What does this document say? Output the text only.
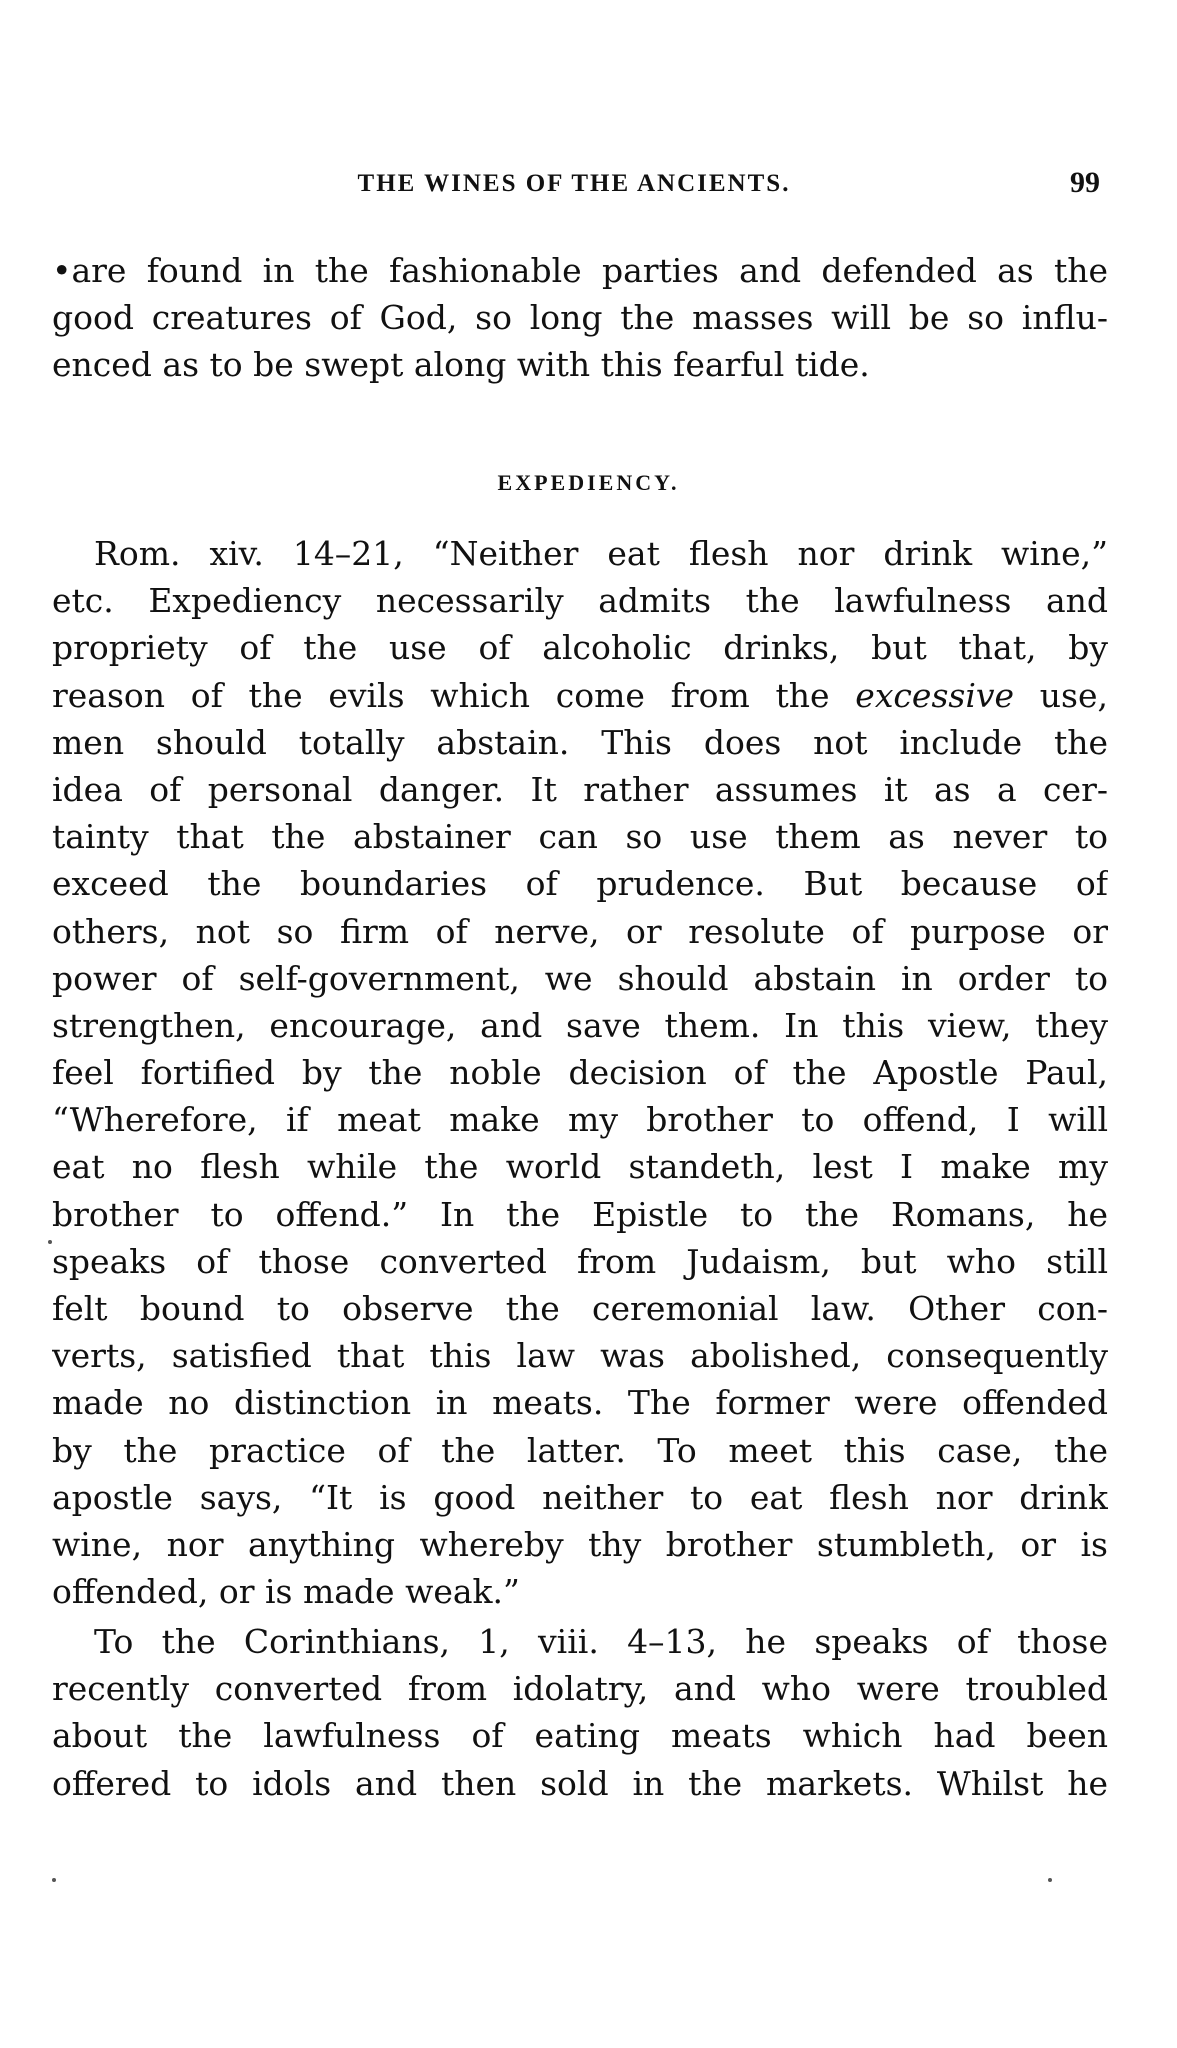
THE WINES OF THE ANCIENTS.	99
•are found in the fashionable parties and defended as the
good creatures of God, so long the masses will be so influ-
enced as to be swept along with this fearful tide.
EXPEDIENCY.
Rom. xiv. 14–21, “Neither eat flesh nor drink wine,”
etc. Expediency necessarily admits the lawfulness and
propriety of the use of alcoholic drinks, but that, by
reason of the evils which come from the excessive use,
men should totally abstain. This does not include the
idea of personal danger. It rather assumes it as a cer-
tainty that the abstainer can so use them as never to
exceed the boundaries of prudence. But because of
others, not so firm of nerve, or resolute of purpose or
power of self-government, we should abstain in order to
strengthen, encourage, and save them. In this view, they
feel fortified by the noble decision of the Apostle Paul,
“Wherefore, if meat make my brother to offend, I will
eat no flesh while the world standeth, lest I make my
brother to offend.” In the Epistle to the Romans, he
speaks of those converted from Judaism, but who still
felt bound to observe the ceremonial law. Other con-
verts, satisfied that this law was abolished, consequently
made no distinction in meats. The former were offended
by the practice of the latter. To meet this case, the
apostle says, “It is good neither to eat flesh nor drink
wine, nor anything whereby thy brother stumbleth, or is
offended, or is made weak.”
To the Corinthians, 1, viii. 4–13, he speaks of those
recently converted from idolatry, and who were troubled
about the lawfulness of eating meats which had been
offered to idols and then sold in the markets. Whilst he
